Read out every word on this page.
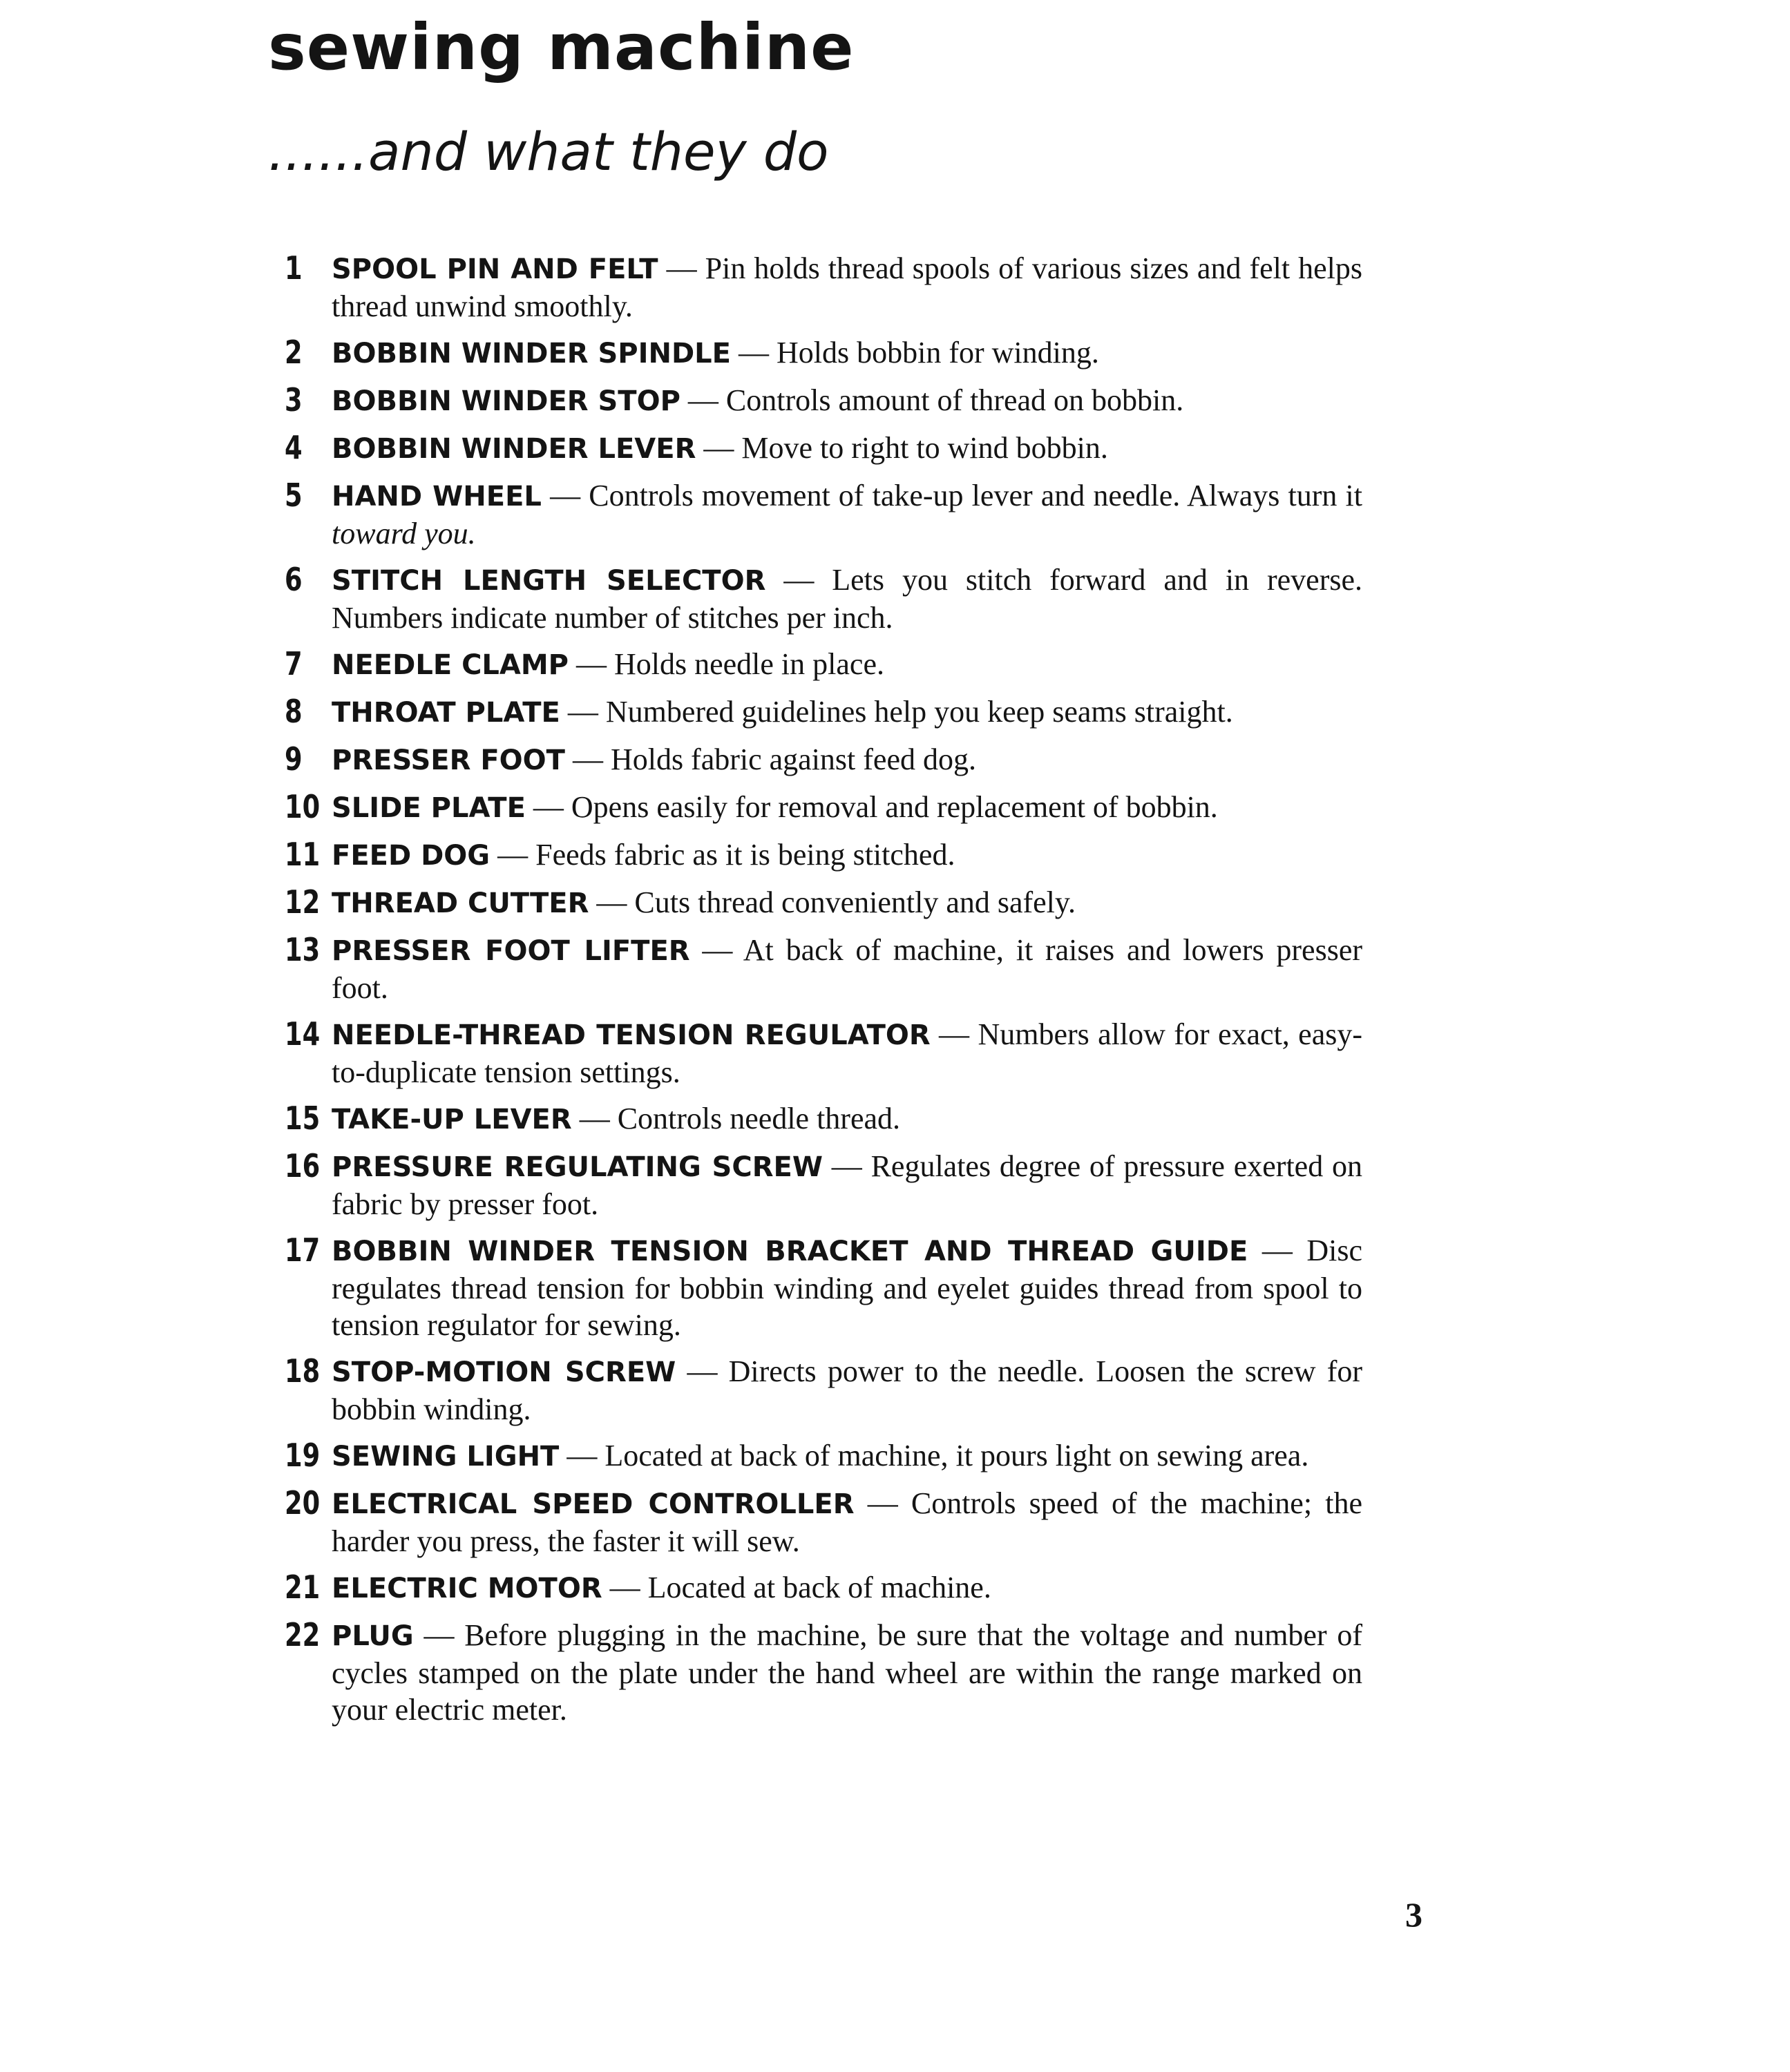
sewing machine
......and what they do
1 SPOOL PIN AND FELT — Pin holds thread spools of various sizes and felt helps thread unwind smoothly.
2 BOBBIN WINDER SPINDLE — Holds bobbin for winding.
3 BOBBIN WINDER STOP — Controls amount of thread on bobbin.
4 BOBBIN WINDER LEVER — Move to right to wind bobbin.
5 HAND WHEEL — Controls movement of take-up lever and needle. Always turn it toward you.
6 STITCH LENGTH SELECTOR — Lets you stitch forward and in reverse. Numbers indicate number of stitches per inch.
7 NEEDLE CLAMP — Holds needle in place.
8 THROAT PLATE — Numbered guidelines help you keep seams straight.
9 PRESSER FOOT — Holds fabric against feed dog.
10 SLIDE PLATE — Opens easily for removal and replacement of bobbin.
11 FEED DOG — Feeds fabric as it is being stitched.
12 THREAD CUTTER — Cuts thread conveniently and safely.
13 PRESSER FOOT LIFTER — At back of machine, it raises and lowers presser foot.
14 NEEDLE-THREAD TENSION REGULATOR — Numbers allow for exact, easy-to-duplicate tension settings.
15 TAKE-UP LEVER — Controls needle thread.
16 PRESSURE REGULATING SCREW — Regulates degree of pressure exerted on fabric by presser foot.
17 BOBBIN WINDER TENSION BRACKET AND THREAD GUIDE — Disc regulates thread tension for bobbin winding and eyelet guides thread from spool to tension regulator for sewing.
18 STOP-MOTION SCREW — Directs power to the needle. Loosen the screw for bobbin winding.
19 SEWING LIGHT — Located at back of machine, it pours light on sewing area.
20 ELECTRICAL SPEED CONTROLLER — Controls speed of the machine; the harder you press, the faster it will sew.
21 ELECTRIC MOTOR — Located at back of machine.
22 PLUG — Before plugging in the machine, be sure that the voltage and number of cycles stamped on the plate under the hand wheel are within the range marked on your electric meter.
3
